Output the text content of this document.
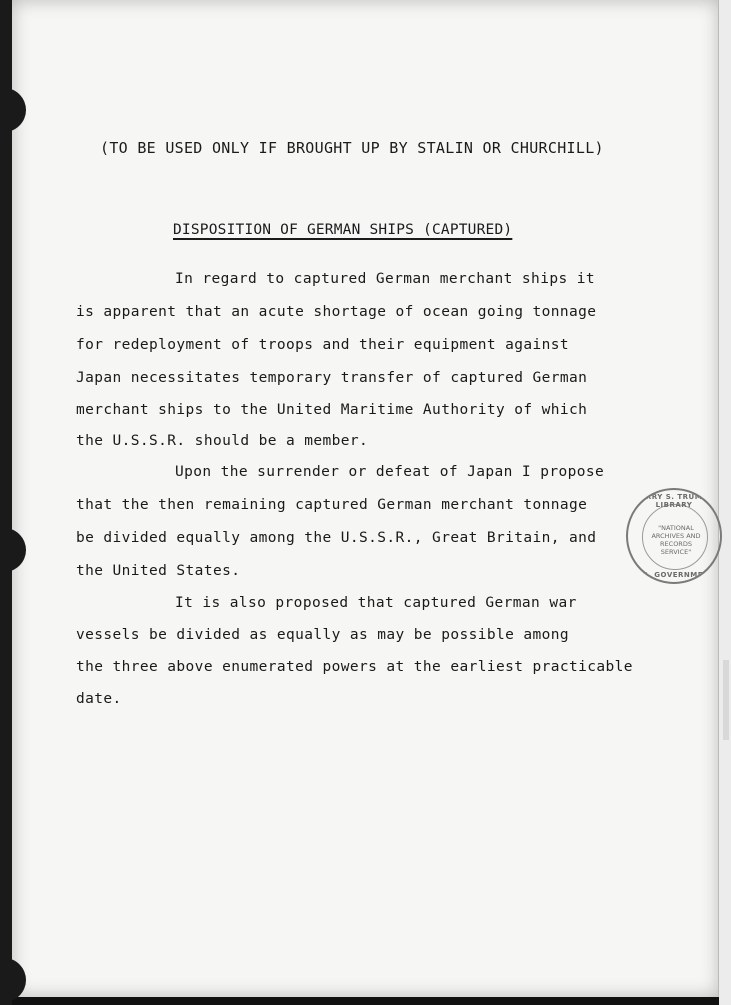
(TO BE USED ONLY IF BROUGHT UP BY STALIN OR CHURCHILL)
DISPOSITION OF GERMAN SHIPS (CAPTURED)
In regard to captured German merchant ships it
is apparent that an acute shortage of ocean going tonnage
for redeployment of troops and their equipment against
Japan necessitates temporary transfer of captured German
merchant ships to the United Maritime Authority of which
the U.S.S.R. should be a member.
Upon the surrender or defeat of Japan I propose
that the then remaining captured German merchant tonnage
be divided equally among the U.S.S.R., Great Britain, and
the United States.
It is also proposed that captured German war
vessels be divided as equally as may be possible among
the three above enumerated powers at the earliest practicable
date.
HARRY S. TRUMAN LIBRARY
"NATIONAL ARCHIVES AND RECORDS SERVICE"
U.S. GOVERNMENT
